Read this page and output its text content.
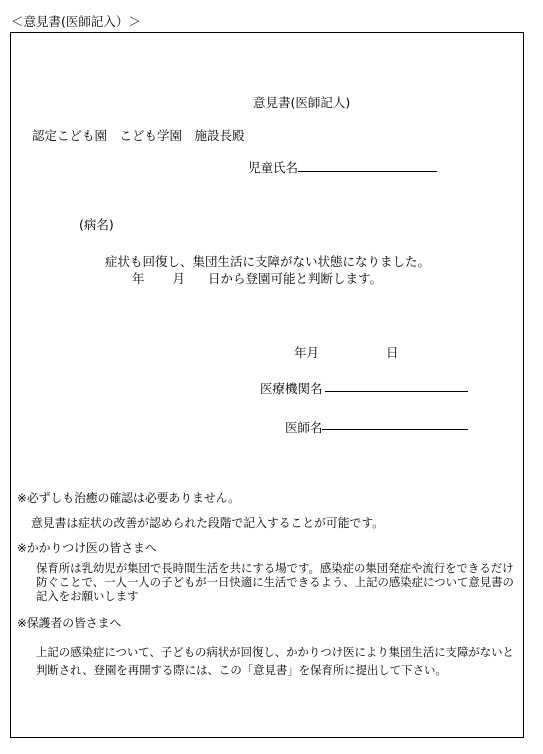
＜意見書(医師記入）＞
意見書(医師記人)
認定こども園　こども学園　施設長殿
児童氏名
(病名)
症状も回復し、集団生活に支障がない状態になりました。
年 月 日から登園可能と判断します。
年月	日
医療機関名
医師名
※必ずしも治癒の確認は必要ありません。
意見書は症状の改善が認められた段階で記入することが可能です。
※かかりつけ医の皆さまへ
保育所は乳幼児が集団で長時間生活を共にする場です。感染症の集団発症や流行をできるだけ防ぐことで、一人一人の子どもが一日快適に生活できるよう、上記の感染症について意見書の記入をお願いします
※保護者の皆さまへ
上記の感染症について、子どもの病状が回復し、かかりつけ医により集団生活に支障がないと判断され、登園を再開する際には、この「意見書」を保育所に提出して下さい。
